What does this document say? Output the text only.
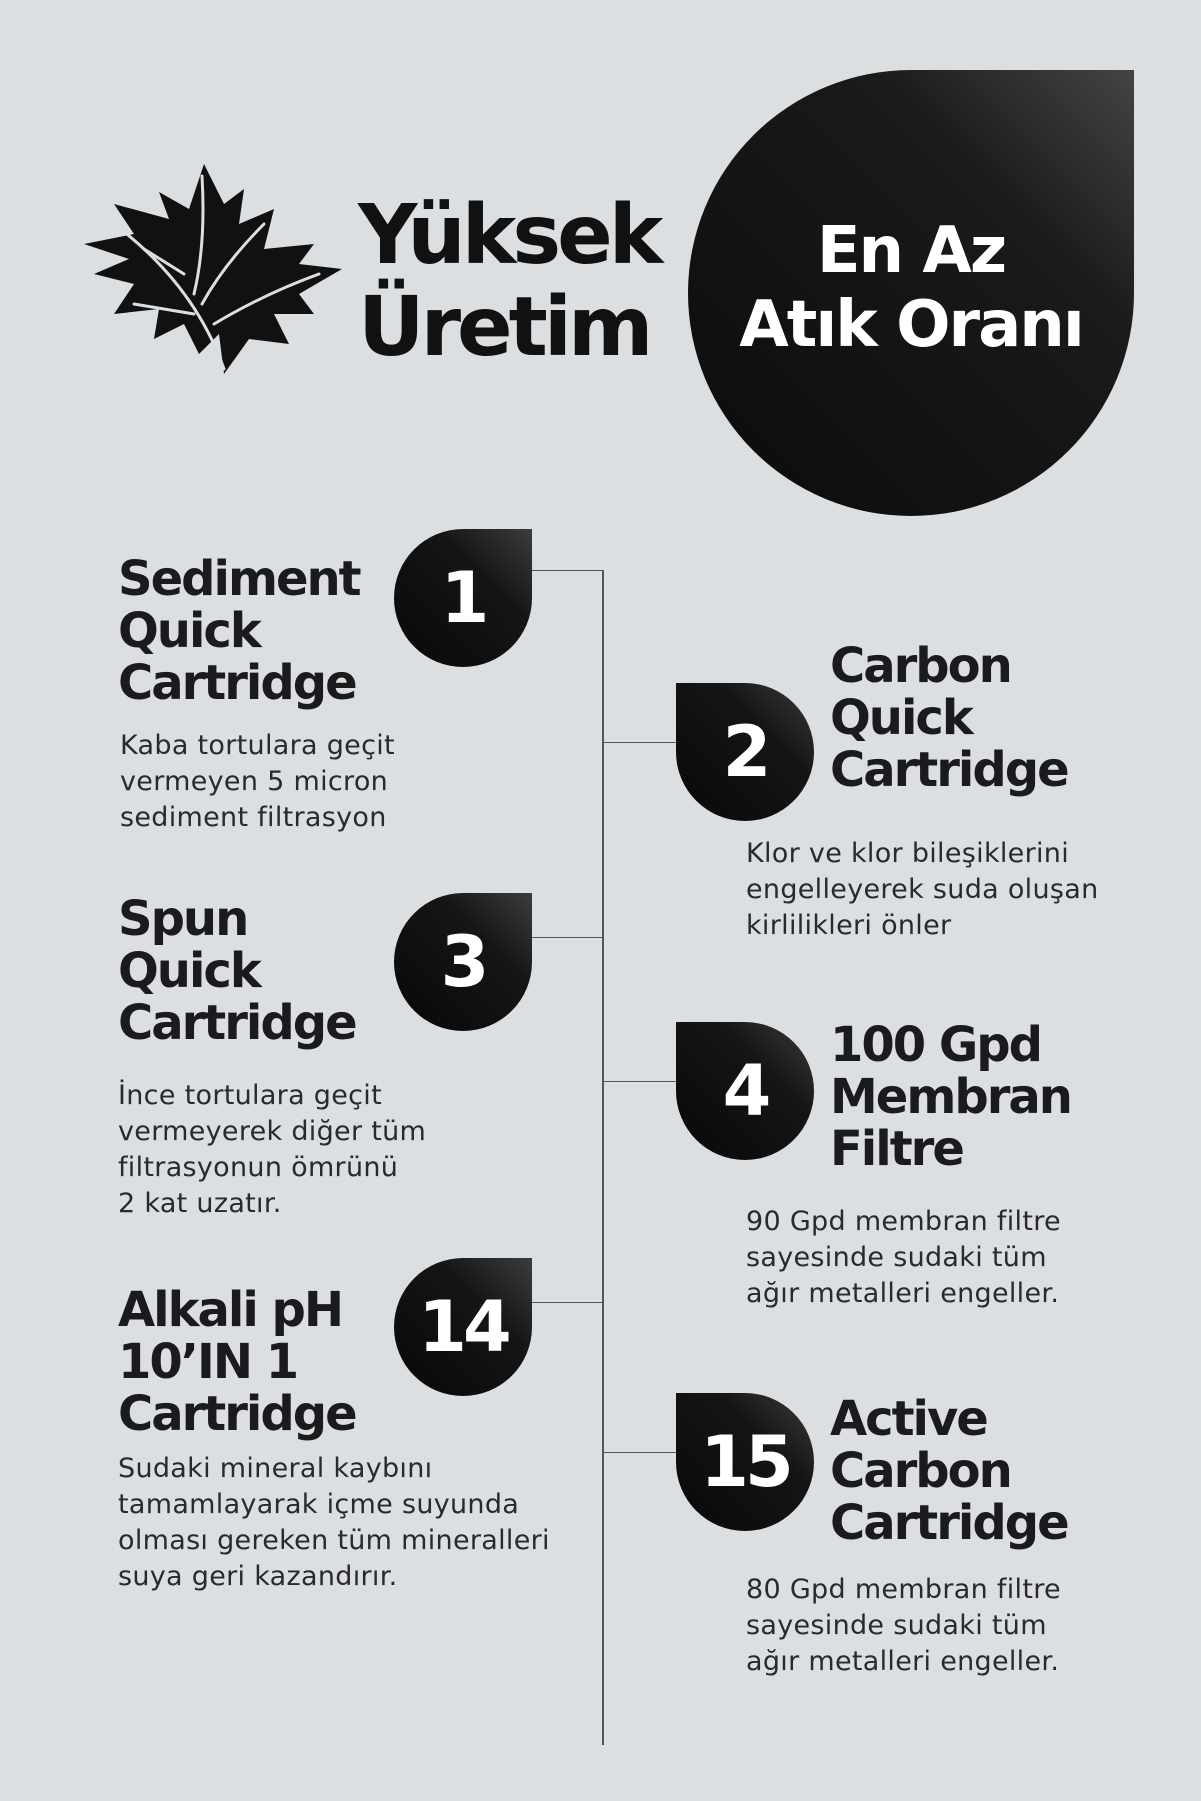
Yüksek
Üretim
En Az
Atık Oranı
1
Sediment
Quick
Cartridge

Kaba tortulara geçit
vermeyen 5 micron
sediment filtrasyon

2
Carbon
Quick
Cartridge

Klor ve klor bileşiklerini
engelleyerek suda oluşan
kirlilikleri önler

3
Spun
Quick
Cartridge

İnce tortulara geçit
vermeyerek diğer tüm
filtrasyonun ömrünü
2 kat uzatır.

4
100 Gpd
Membran
Filtre

90 Gpd membran filtre
sayesinde sudaki tüm
ağır metalleri engeller.

14
Alkali pH
10’IN 1
Cartridge

Sudaki mineral kaybını
tamamlayarak içme suyunda
olması gereken tüm mineralleri
suya geri kazandırır.

15
Active
Carbon
Cartridge

80 Gpd membran filtre
sayesinde sudaki tüm
ağır metalleri engeller.
